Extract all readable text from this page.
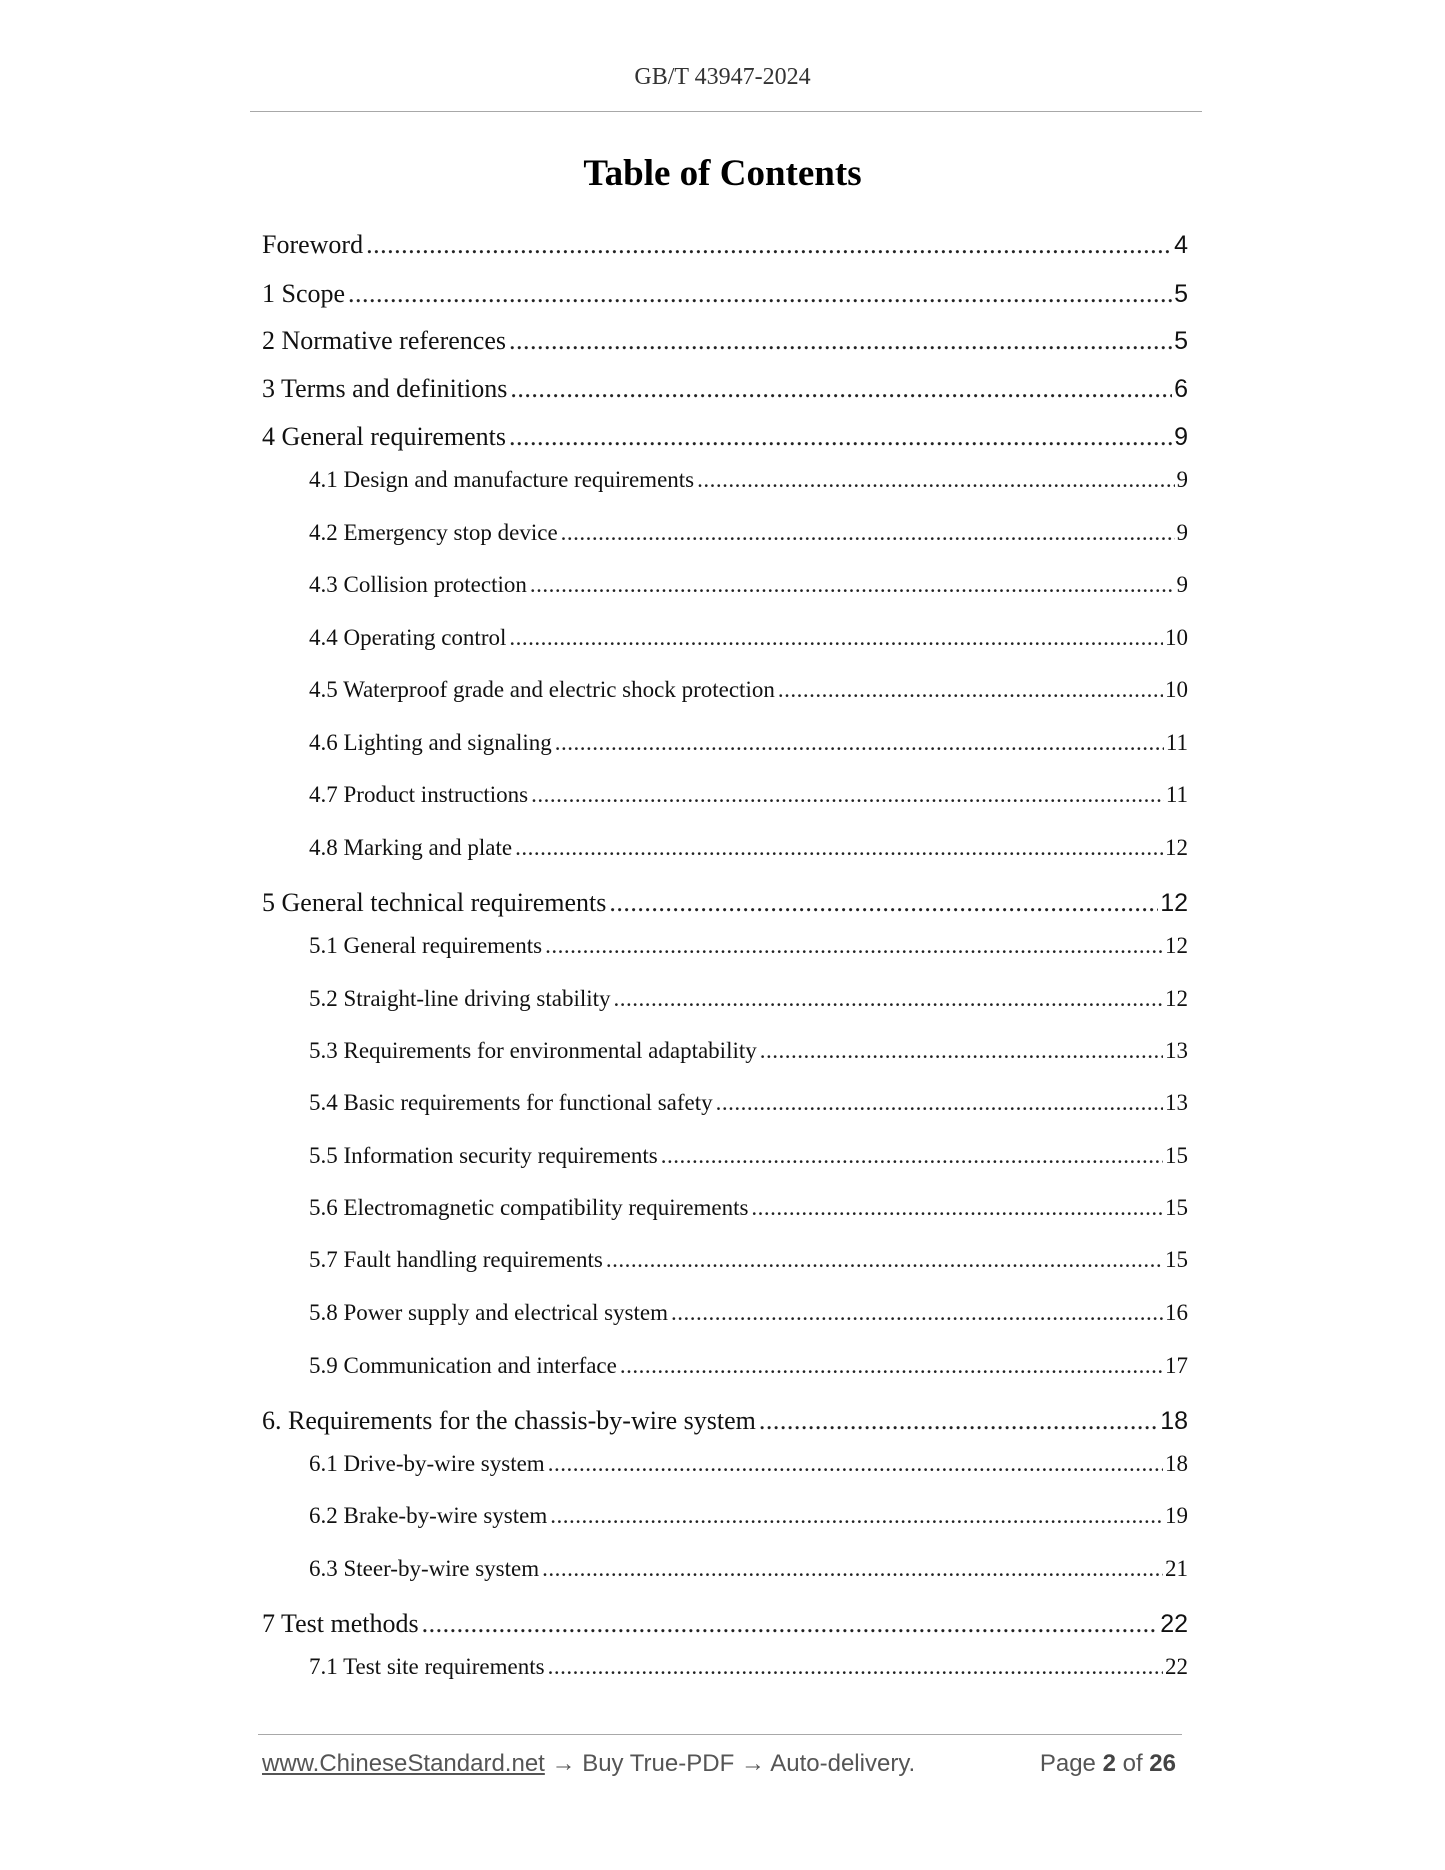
GB/T 43947-2024
Table of Contents
Foreword .....	4
1 Scope .....	5
2 Normative references .....	5
3 Terms and definitions .....	6
4 General requirements .....	9
4.1 Design and manufacture requirements .....	9
4.2 Emergency stop device .....	9
4.3 Collision protection .....	9
4.4 Operating control .....	10
4.5 Waterproof grade and electric shock protection .....	10
4.6 Lighting and signaling .....	11
4.7 Product instructions .....	11
4.8 Marking and plate .....	12
5 General technical requirements .....	12
5.1 General requirements .....	12
5.2 Straight-line driving stability .....	12
5.3 Requirements for environmental adaptability .....	13
5.4 Basic requirements for functional safety .....	13
5.5 Information security requirements .....	15
5.6 Electromagnetic compatibility requirements .....	15
5.7 Fault handling requirements .....	15
5.8 Power supply and electrical system .....	16
5.9 Communication and interface .....	17
6. Requirements for the chassis-by-wire system .....	18
6.1 Drive-by-wire system .....	18
6.2 Brake-by-wire system .....	19
6.3 Steer-by-wire system .....	21
7 Test methods .....	22
7.1 Test site requirements .....	22
www.ChineseStandard.net → Buy True-PDF → Auto-delivery.	Page 2 of 26
